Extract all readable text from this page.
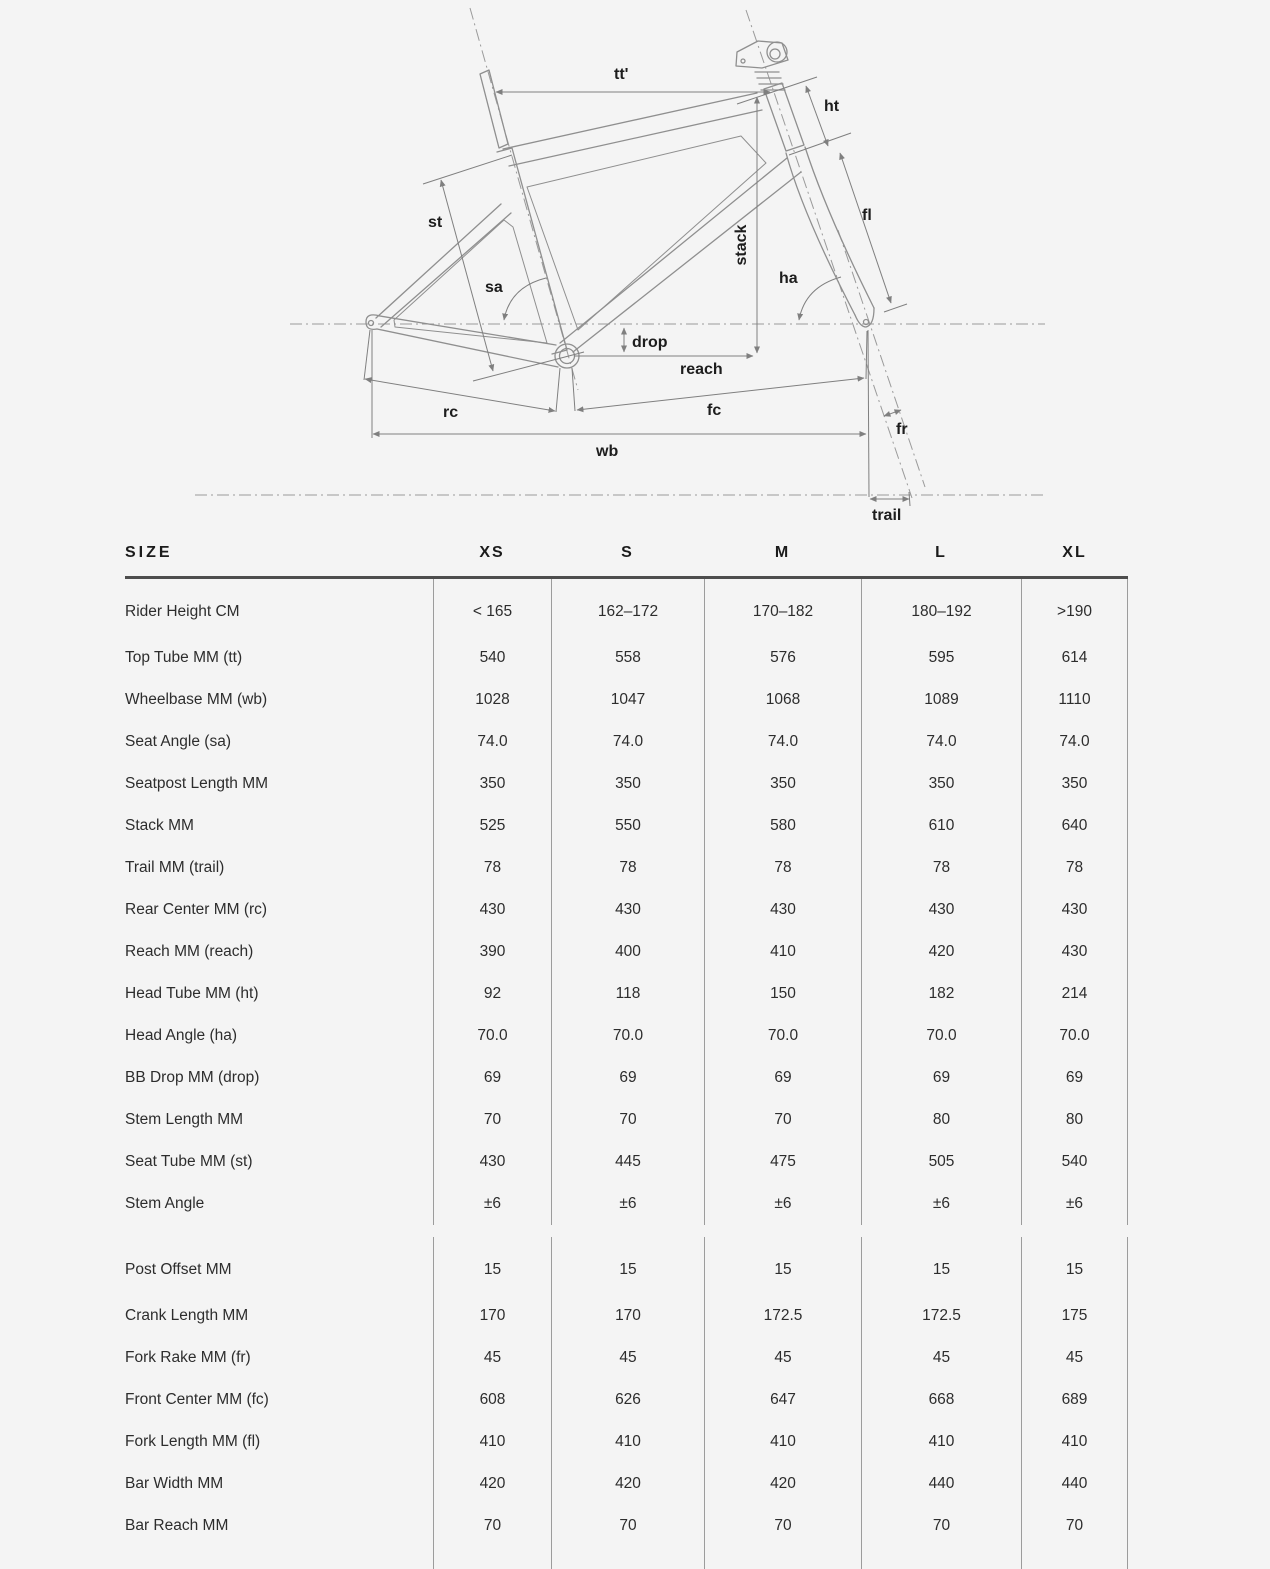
tt'
ht
st
stack
sa
ha
fl
drop
reach
rc	fc
wb
fr
trail
SIZE	XS	S	M	L	XL
Rider Height CM	< 165	162–172	170–182	180–192	>190
Top Tube MM (tt)	540	558	576	595	614
Wheelbase MM (wb)	1028	1047	1068	1089	1110
Seat Angle (sa)	74.0	74.0	74.0	74.0	74.0
Seatpost Length MM	350	350	350	350	350
Stack MM	525	550	580	610	640
Trail MM (trail)	78	78	78	78	78
Rear Center MM (rc)	430	430	430	430	430
Reach MM (reach)	390	400	410	420	430
Head Tube MM (ht)	92	118	150	182	214
Head Angle (ha)	70.0	70.0	70.0	70.0	70.0
BB Drop MM (drop)	69	69	69	69	69
Stem Length MM	70	70	70	80	80
Seat Tube MM (st)	430	445	475	505	540
Stem Angle	±6	±6	±6	±6	±6
Post Offset MM	15	15	15	15	15
Crank Length MM	170	170	172.5	172.5	175
Fork Rake MM (fr)	45	45	45	45	45
Front Center MM (fc)	608	626	647	668	689
Fork Length MM (fl)	410	410	410	410	410
Bar Width MM	420	420	420	440	440
Bar Reach MM	70	70	70	70	70
